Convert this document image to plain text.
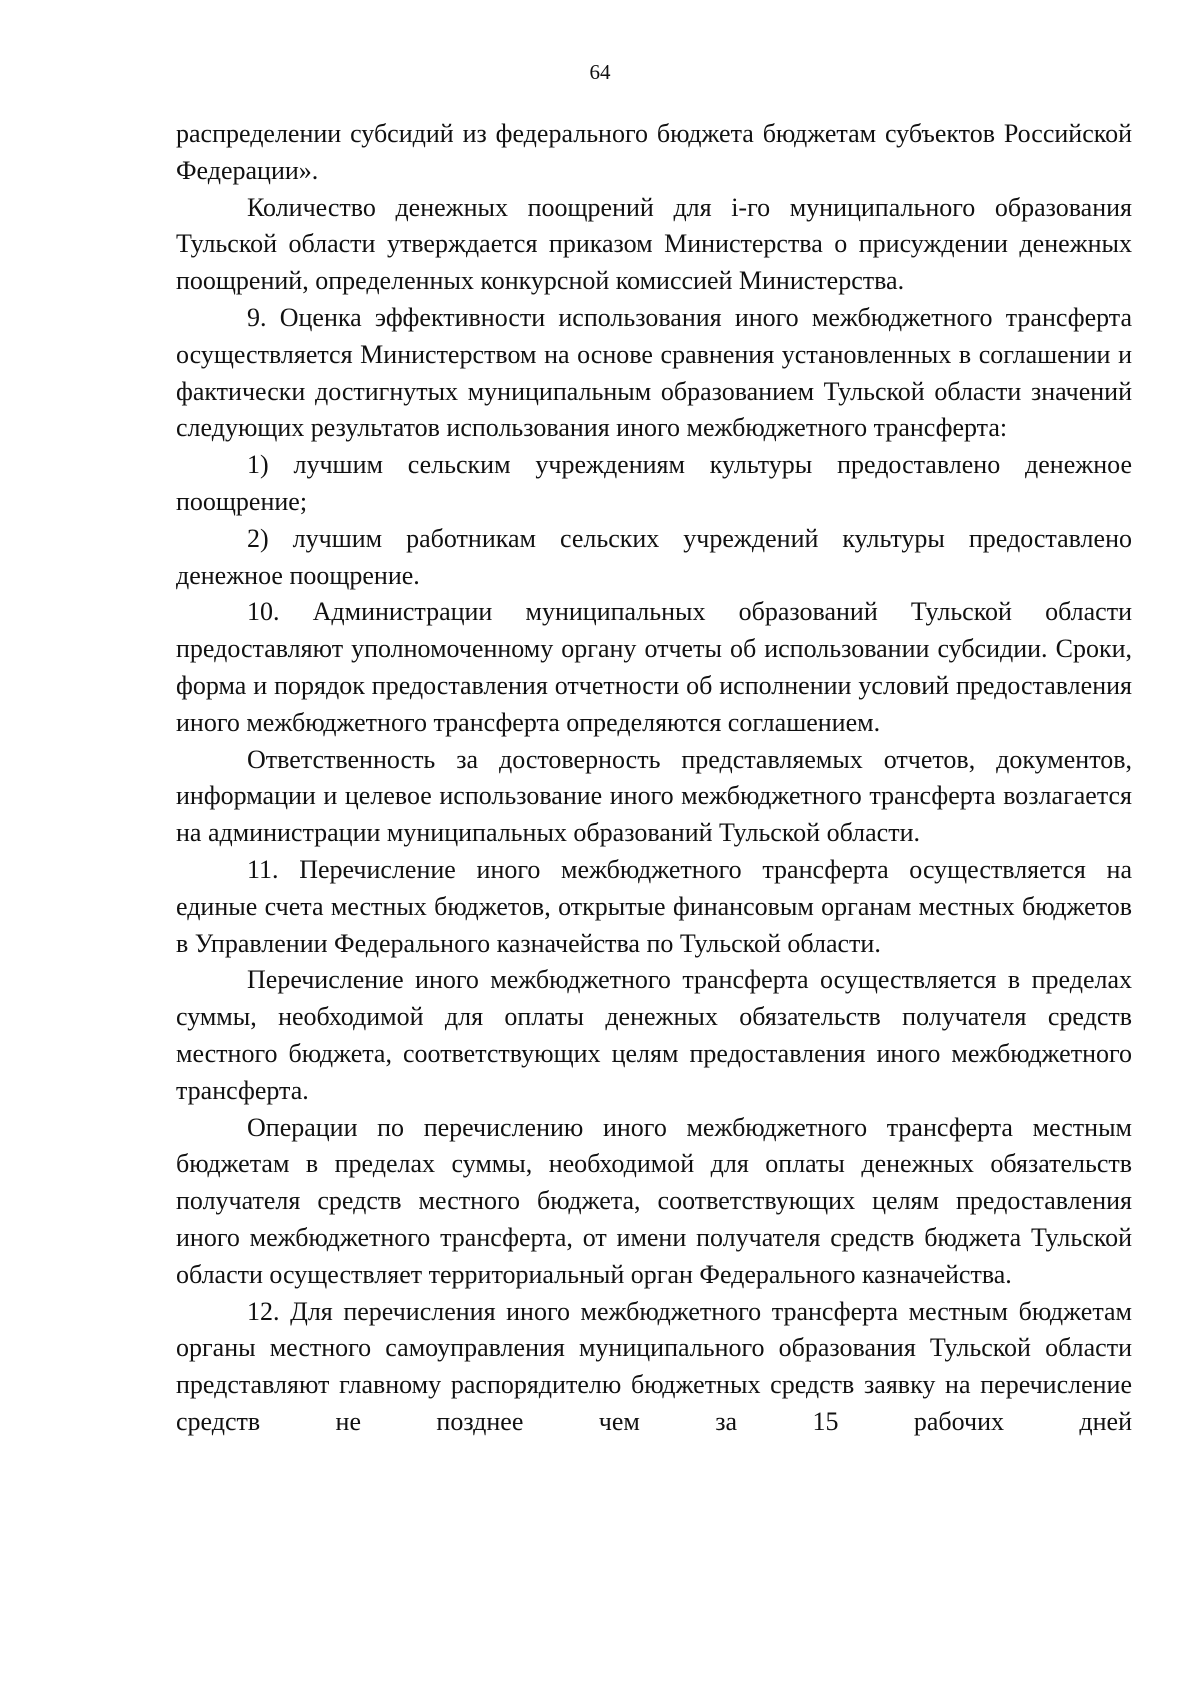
64

распределении субсидий из федерального бюджета бюджетам субъектов Российской Федерации».

Количество денежных поощрений для i-го муниципального образования Тульской области утверждается приказом Министерства о присуждении денежных поощрений, определенных конкурсной комиссией Министерства.

9. Оценка эффективности использования иного межбюджетного трансферта осуществляется Министерством на основе сравнения установленных в соглашении и фактически достигнутых муниципальным образованием Тульской области значений следующих результатов использования иного межбюджетного трансферта:

1) лучшим сельским учреждениям культуры предоставлено денежное поощрение;

2) лучшим работникам сельских учреждений культуры предоставлено денежное поощрение.

10. Администрации муниципальных образований Тульской области предоставляют уполномоченному органу отчеты об использовании субсидии. Сроки, форма и порядок предоставления отчетности об исполнении условий предоставления иного межбюджетного трансферта определяются соглашением.

Ответственность за достоверность представляемых отчетов, документов, информации и целевое использование иного межбюджетного трансферта возлагается на администрации муниципальных образований Тульской области.

11. Перечисление иного межбюджетного трансферта осуществляется на единые счета местных бюджетов, открытые финансовым органам местных бюджетов в Управлении Федерального казначейства по Тульской области.

Перечисление иного межбюджетного трансферта осуществляется в пределах суммы, необходимой для оплаты денежных обязательств получателя средств местного бюджета, соответствующих целям предоставления иного межбюджетного трансферта.

Операции по перечислению иного межбюджетного трансферта местным бюджетам в пределах суммы, необходимой для оплаты денежных обязательств получателя средств местного бюджета, соответствующих целям предоставления иного межбюджетного трансферта, от имени получателя средств бюджета Тульской области осуществляет территориальный орган Федерального казначейства.

12. Для перечисления иного межбюджетного трансферта местным бюджетам органы местного самоуправления муниципального образования Тульской области представляют главному распорядителю бюджетных средств заявку на перечисление средств не позднее чем за 15 рабочих дней
